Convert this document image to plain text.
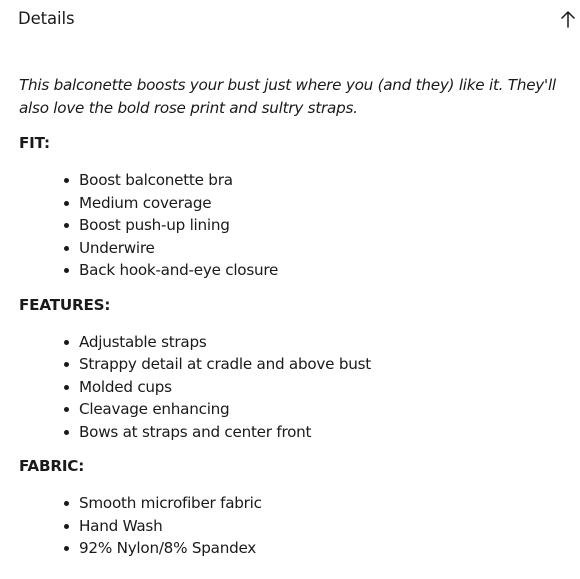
Details

This balconette boosts your bust just where you (and they) like it. They'll also love the bold rose print and sultry straps.

FIT:
Boost balconette bra
Medium coverage
Boost push-up lining
Underwire
Back hook-and-eye closure
FEATURES:
Adjustable straps
Strappy detail at cradle and above bust
Molded cups
Cleavage enhancing
Bows at straps and center front
FABRIC:
Smooth microfiber fabric
Hand Wash
92% Nylon/8% Spandex
